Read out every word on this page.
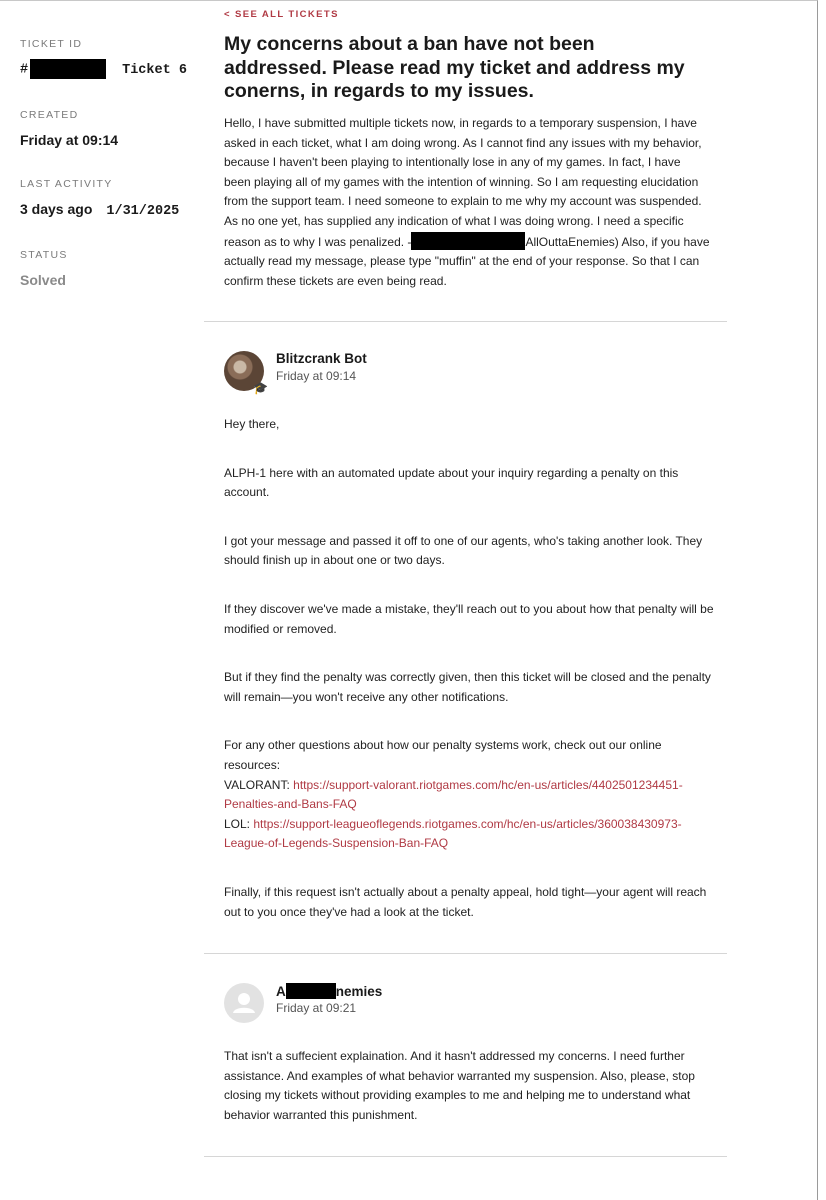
TICKET ID
#	Ticket 6
CREATED
Friday at 09:14
LAST ACTIVITY
3 days ago 1/31/2025
STATUS
Solved
< SEE ALL TICKETS
My concerns about a ban have not been addressed. Please read my ticket and address my conerns, in regards to my issues.
Hello, I have submitted multiple tickets now, in regards to a temporary suspension, I have asked in each ticket, what I am doing wrong. As I cannot find any issues with my behavior, because I haven't been playing to intentionally lose in any of my games. In fact, I have been playing all of my games with the intention of winning. So I am requesting elucidation from the support team. I need someone to explain to me why my account was suspended. As no one yet, has supplied any indication of what I was doing wrong. I need a specific reason as to why I was penalized. -	AllOuttaEnemies) Also, if you have actually read my message, please type "muffin" at the end of your response. So that I can confirm these tickets are even being read.
🎓
Blitzcrank Bot
Friday at 09:14

Hey there,

ALPH-1 here with an automated update about your inquiry regarding a penalty on this account.

I got your message and passed it off to one of our agents, who's taking another look. They should finish up in about one or two days.

If they discover we've made a mistake, they'll reach out to you about how that penalty will be modified or removed.

But if they find the penalty was correctly given, then this ticket will be closed and the penalty will remain—you won't receive any other notifications.

For any other questions about how our penalty systems work, check out our online resources:
VALORANT: https://support-valorant.riotgames.com/hc/en-us/articles/4402501234451-Penalties-and-Bans-FAQ
LOL: https://support-leagueoflegends.riotgames.com/hc/en-us/articles/360038430973-League-of-Legends-Suspension-Ban-FAQ

Finally, if this request isn't actually about a penalty appeal, hold tight—your agent will reach out to you once they've had a look at the ticket.

A	nemies
Friday at 09:21

That isn't a suffecient explaination. And it hasn't addressed my concerns. I need further assistance. And examples of what behavior warranted my suspension. Also, please, stop closing my tickets without providing examples to me and helping me to understand what behavior warranted this punishment.
